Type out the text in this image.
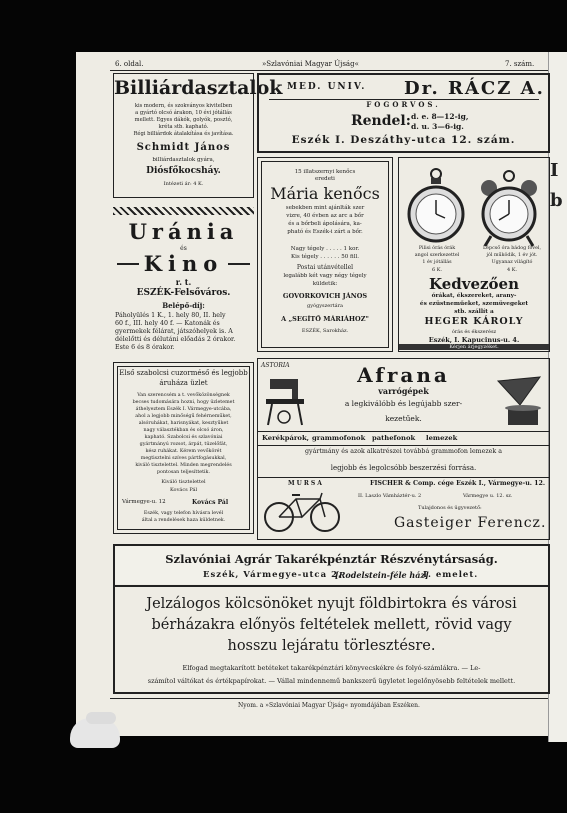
I
b
6. oldal.	»Szlavóniai Magyar Újság«	7. szám.
Billiárdasztalok
kis modern, és szokványos kivitelben
a gyártó olcsó árakon, 10 évi jótállás
mellett. Egyes dákók, golyók, posztó,
kréta stb. kapható.
Régi billiárdok átalakítása és javítása.
Schmidt János
billiárdasztalok gyára,
Diósfőkocsháy.
Intézeti ár: 4 K.
Uránia
és
Kino
r. t.
ESZÉK-Felsőváros.
Belépő-díj:
Páholyülés 1 K., 1. hely 80, II. hely
60 f., III. hely 40 f. — Katonák és
gyermekek félárat, játszóhelyek is. A
délelőtti és délutáni előadás 2 órakor.
Este 6 és 8 órakor.
MED. UNIV. Dr. RÁCZ A.
FOGORVOS.
Rendel: d. e. 8—12-ig,
d. u. 3—6-ig.
Eszék I. Deszáthy-utca 12. szám.
15 illatszernyi kenőcs
eredeti
Mária kenőcs
sebekben mint ajánlták szer
vizre, 40 évben az arc a bőr
és a bőrbeli ápolására, ka-
pható és Eszék-i zárt a bőr.
Nagy tégely . . . . . 1 kor.
Kis tégely . . . . . . 50 fill.
Postai utánvétellel
legalább két vagy négy tégely
küldetik:
GOVORKOVICH JÁNOS
gyógyszertára
A „SEGÍTŐ MÁRIÁHOZ"
ESZÉK, Sarokház.
Pilisi órás órák
angol szerkezettel
1 év jótállás
6 K.
Lépcső óra bádog fővel,
jól működik, 1 év jót.
Ugyanaz világító
4 K.
Kedvezően
órákat, ékszereket, arany-
és ezüstneműeket, szemüvegeket
stb. szállít a
HEGER KÁROLY
órás és ékszerész
Eszék, I. Kapucinus-u. 4.
Kérjen árjegyzéket.
Első szabolcsi cuzorméső és legjobb
áruháza üzlet
Van szerencsém a t. vevőközönségnek
becses tudomására hozni, hogy üzletemet
áthelyeztem Eszék I. Vármegye-utcába,
ahol a legjobb minőségű fehérneműket,
alsóruhákat, harisnyákat, kesztyűket
nagy választékban és olcsó áron,
kapható. Szabolcsi és szlavóniai
gyártmányú rozsot, árpát, tüzelőfát,
kész ruhákat. Kérem vevőkörét
megtisztelni szíves pártfogásukkal,
kiváló tisztelettel. Minden megrendelés
pontosan teljesíttetik.
Kiváló tisztelettel
Kovács Pál
Vármegye-u. 12	Kovács Pál
Eszék, vagy telefon hívásra levél
által a rendelések haza küldetnek.
ASTORIA	Afrana
varrógépek
a legkiválóbb és legújabb szer-
kezetűek.
Kerékpárok, grammofonok pathefonok lemezek
gyártmány és azok alkatrészei továbbá grammofon lemezek a
legjobb és legolcsóbb beszerzési forrása.
MURSA	FISCHER & Comp. cége Eszék I., Vármegye-u. 12.
II. Laszlo Vámháztér-u. 2	Vármegye u. 12. sz.
Tulajdonos és ügyvezető:
Gasteiger Ferencz.
Szlavóniai Agrár Takarékpénztár Részvénytársaság.
Eszék, Vármegye-utca 2.
[Rodelstein-féle ház]
I. emelet.
Jelzálogos kölcsönöket nyujt földbirtokra és városi
bérházakra előnyös feltételek mellett, rövid vagy
hosszu lejáratu törlesztésre.
Elfogad megtakarított betéteket takarékpénztári könyvecskékre és folyó-számlákra. — Le-
számítol váltókat és értékpapírokat. — Vállal mindennemű bankszerű ügyletet legelőnyösebb feltételek mellett.
Nyom. a »Szlavóniai Magyar Újság« nyomdájában Eszéken.
